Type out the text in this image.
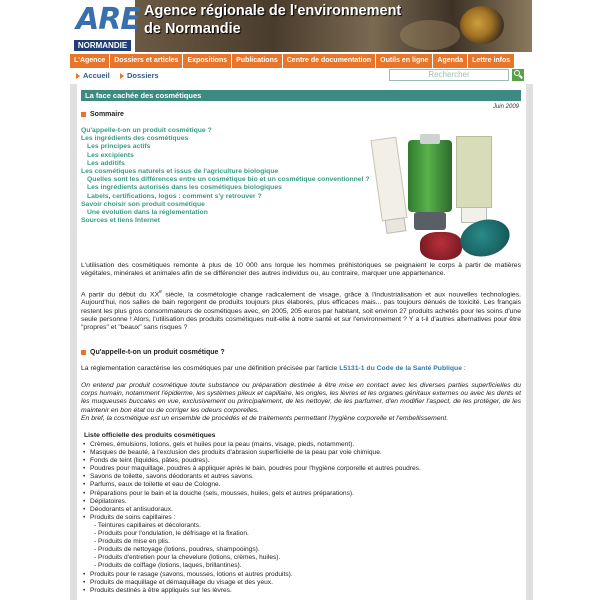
ARE
NORMANDIE
Agence régionale de l'environnement
de Normandie
L'Agence	Dossiers et articles	Expositions	Publications	Centre de documentation	Outils en ligne	Agenda	Lettre infos
Accueil	Dossiers	Rechercher
La face cachée des cosmétiques
Juin 2009
Sommaire
Qu'appelle-t-on un produit cosmétique ?
Les ingrédients des cosmétiques
Les principes actifs
Les excipients
Les additifs
Les cosmétiques naturels et issus de l'agriculture biologique
Quelles sont les différences entre un cosmétique bio et un cosmétique conventionnel ?
Les ingrédients autorisés dans les cosmétiques biologiques
Labels, certifications, logos : comment s'y retrouver ?
Savoir choisir son produit cosmétique
Une évolution dans la réglementation
Sources et liens Internet
L'utilisation des cosmétiques remonte à plus de 10 000 ans lorque les hommes préhistoriques se peignaient le corps à partir de matières végétales, minérales et animales afin de se différencier des autres individus ou, au contraire, marquer une appartenance.
A partir du début du XXe siècle, la cosmétologie change radicalement de visage, grâce à l'industrialisation et aux nouvelles technologies. Aujourd'hui, nos salles de bain regorgent de produits toujours plus élaborés, plus efficaces mais... pas toujours dénués de toxicité. Les français restent les plus gros consommateurs de cosmétiques avec, en 2005, 205 euros par habitant, soit environ 27 produits achetés pour les soins d'une seule personne ! Alors, l'utilisation des produits cosmétiques nuit-elle à notre santé et sur l'environnement ? Y a t-il d'autres alternatives pour être "propres" et "beaux" sans risques ?
Qu'appelle-t-on un produit cosmétique ?
La réglementation caractérise les cosmétiques par une définition précisée par l'article L5131-1 du Code de la Santé Publique :
On entend par produit cosmétique toute substance ou préparation destinée à être mise en contact avec les diverses parties superficielles du corps humain, notamment l'épiderme, les systèmes pileux et capillaire, les ongles, les lèvres et les organes génitaux externes ou avec les dents et les muqueuses buccales en vue, exclusivement ou principalement, de les nettoyer, de les parfumer, d'en modifier l'aspect, de les protéger, de les maintenir en bon état ou de corriger les odeurs corporelles.
En bref, la cosmétique est un ensemble de procédés et de traitements permettant l'hygiène corporelle et l'embellissement.
Liste officielle des produits cosmétiques
• Crèmes, émulsions, lotions, gels et huiles pour la peau (mains, visage, pieds, notamment).
• Masques de beauté, à l'exclusion des produits d'abrasion superficielle de la peau par voie chimique.
• Fonds de teint (liquides, pâtes, poudres).
• Poudres pour maquillage, poudres à appliquer après le bain, poudres pour l'hygiène corporelle et autres poudres.
• Savons de toilette, savons déodorants et autres savons.
• Parfums, eaux de toilette et eau de Cologne.
• Préparations pour le bain et la douche (sels, mousses, huiles, gels et autres préparations).
• Dépilatoires.
• Déodorants et antisudoraux.
• Produits de soins capillaires :
- Teintures capillaires et décolorants.
- Produits pour l'ondulation, le défrisage et la fixation.
- Produits de mise en plis.
- Produits de nettoyage (lotions, poudres, shampooings).
- Produits d'entretien pour la chevelure (lotions, crèmes, huiles).
- Produits de coiffage (lotions, laques, brillantines).
• Produits pour le rasage (savons, mousses, lotions et autres produits).
• Produits de maquillage et démaquillage du visage et des yeux.
• Produits destinés à être appliqués sur les lèvres.
